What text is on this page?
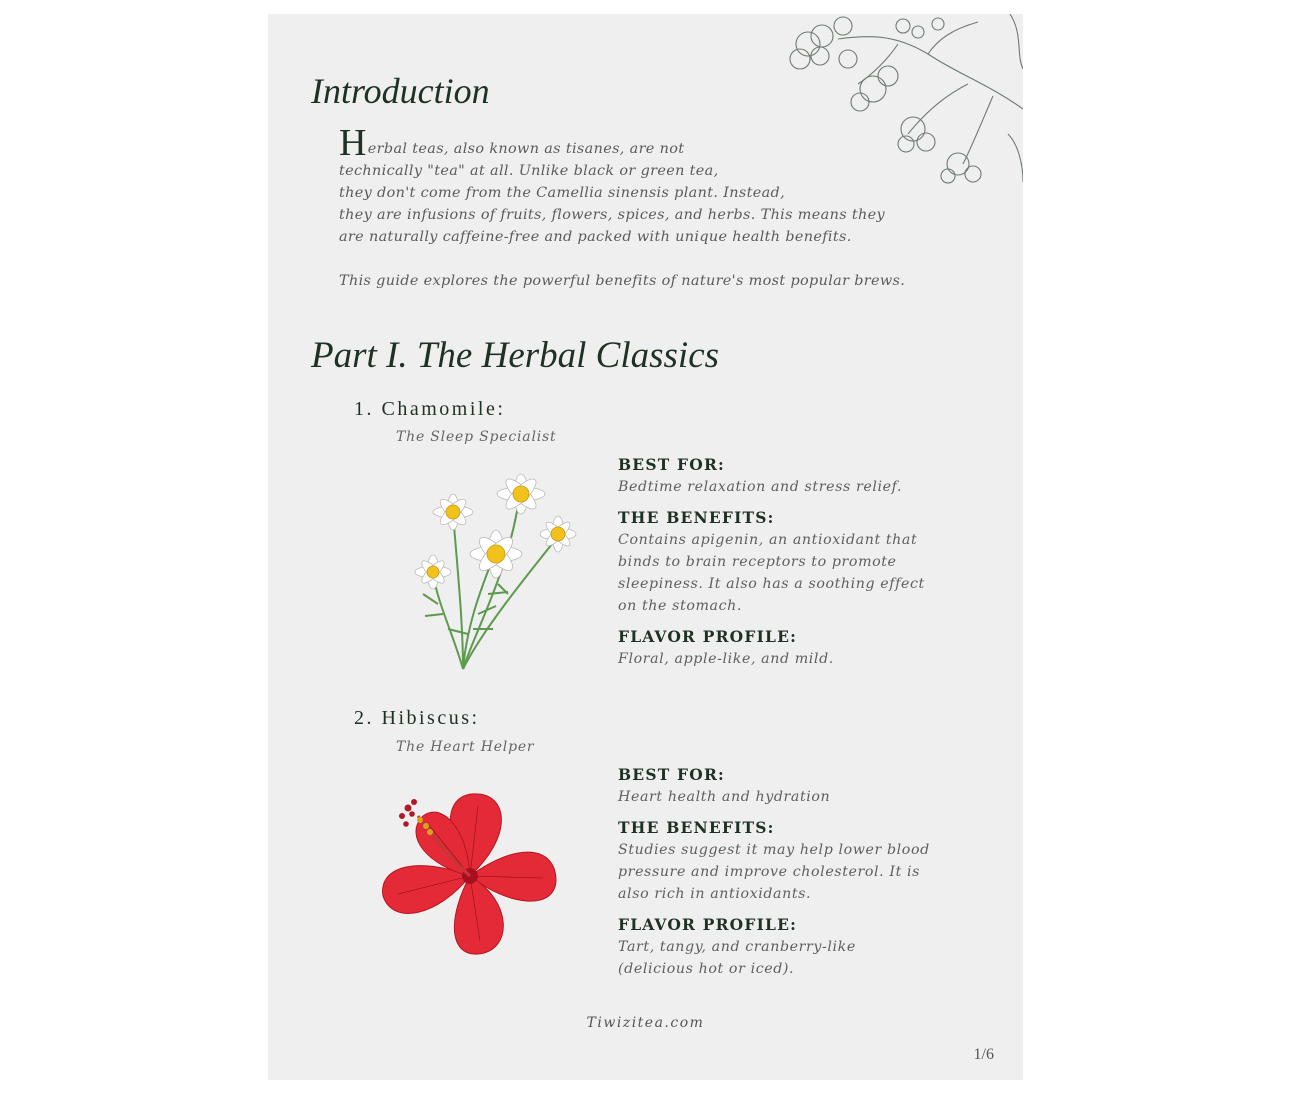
Introduction

Herbal teas, also known as tisanes, are not
technically "tea" at all. Unlike black or green tea,
they don't come from the Camellia sinensis plant. Instead,
they are infusions of fruits, flowers, spices, and herbs. This means they
are naturally caffeine-free and packed with unique health benefits.

This guide explores the powerful benefits of nature's most popular brews.

Part I. The Herbal Classics
1. Chamomile:
The Sleep Specialist
BEST FOR:
Bedtime relaxation and stress relief.
THE BENEFITS:
Contains apigenin, an antioxidant that
binds to brain receptors to promote
sleepiness. It also has a soothing effect
on the stomach.
FLAVOR PROFILE:
Floral, apple-like, and mild.
2. Hibiscus:
The Heart Helper
BEST FOR:
Heart health and hydration
THE BENEFITS:
Studies suggest it may help lower blood
pressure and improve cholesterol. It is
also rich in antioxidants.
FLAVOR PROFILE:
Tart, tangy, and cranberry-like
(delicious hot or iced).
Tiwizitea.com
1/6
